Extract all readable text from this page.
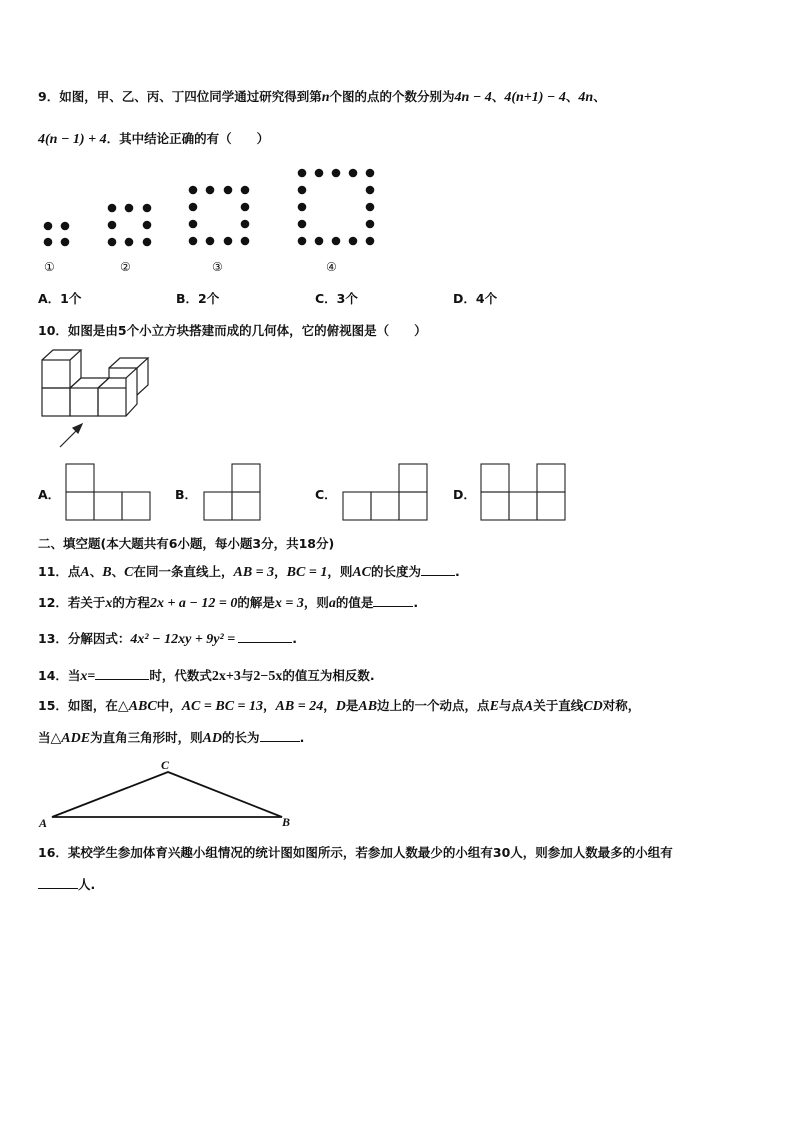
9．如图，甲、乙、丙、丁四位同学通过研究得到第n个图的点的个数分别为4n − 4、4(n+1) − 4、4n、
4(n − 1) + 4．其中结论正确的有（　　）
①	②	③	④
A．1个	B．2个	C．3个	D．4个
10．如图是由5个小立方块搭建而成的几何体，它的俯视图是（　　）
A．	B．	C．	D．
二、填空题(本大题共有6小题，每小题3分，共18分)
11．点A、B、C在同一条直线上，AB = 3，BC = 1，则AC的长度为	.
12．若关于x的方程2x + a − 12 = 0的解是x = 3，则a的值是	.
13．分解因式：4x² − 12xy + 9y² =	.
14．当x=	时，代数式2x+3与2−5x的值互为相反数.
15．如图，在△ABC中，AC = BC = 13，AB = 24，D是AB边上的一个动点，点E与点A关于直线CD对称，
当△ADE为直角三角形时，则AD的长为	.
C
A	B
16．某校学生参加体育兴趣小组情况的统计图如图所示，若参加人数最少的小组有30人，则参加人数最多的小组有
人.
